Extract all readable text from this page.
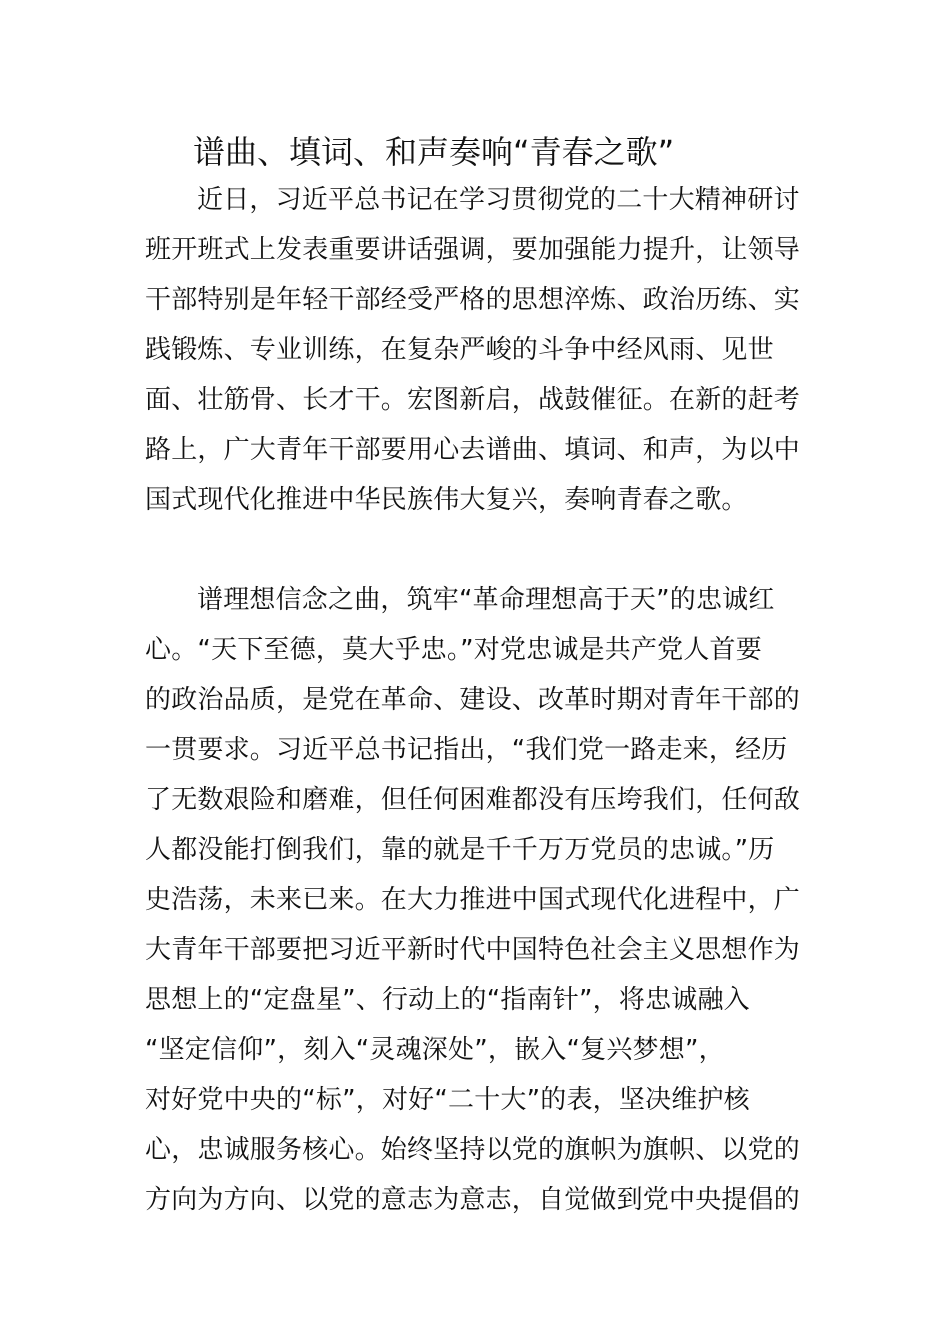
谱曲、填词、和声奏响“青春之歌”
近日，习近平总书记在学习贯彻党的二十大精神研讨
班开班式上发表重要讲话强调，要加强能力提升，让领导
干部特别是年轻干部经受严格的思想淬炼、政治历练、实
践锻炼、专业训练，在复杂严峻的斗争中经风雨、见世
面、壮筋骨、长才干。宏图新启，战鼓催征。在新的赶考
路上，广大青年干部要用心去谱曲、填词、和声，为以中
国式现代化推进中华民族伟大复兴，奏响青春之歌。
谱理想信念之曲，筑牢“革命理想高于天”的忠诚红
心。“天下至德，莫大乎忠。”对党忠诚是共产党人首要
的政治品质，是党在革命、建设、改革时期对青年干部的
一贯要求。习近平总书记指出，“我们党一路走来，经历
了无数艰险和磨难，但任何困难都没有压垮我们，任何敌
人都没能打倒我们，靠的就是千千万万党员的忠诚。”历
史浩荡，未来已来。在大力推进中国式现代化进程中，广
大青年干部要把习近平新时代中国特色社会主义思想作为
思想上的“定盘星”、行动上的“指南针”，将忠诚融入
“坚定信仰”，刻入“灵魂深处”，嵌入“复兴梦想”，
对好党中央的“标”，对好“二十大”的表，坚决维护核
心，忠诚服务核心。始终坚持以党的旗帜为旗帜、以党的
方向为方向、以党的意志为意志，自觉做到党中央提倡的
